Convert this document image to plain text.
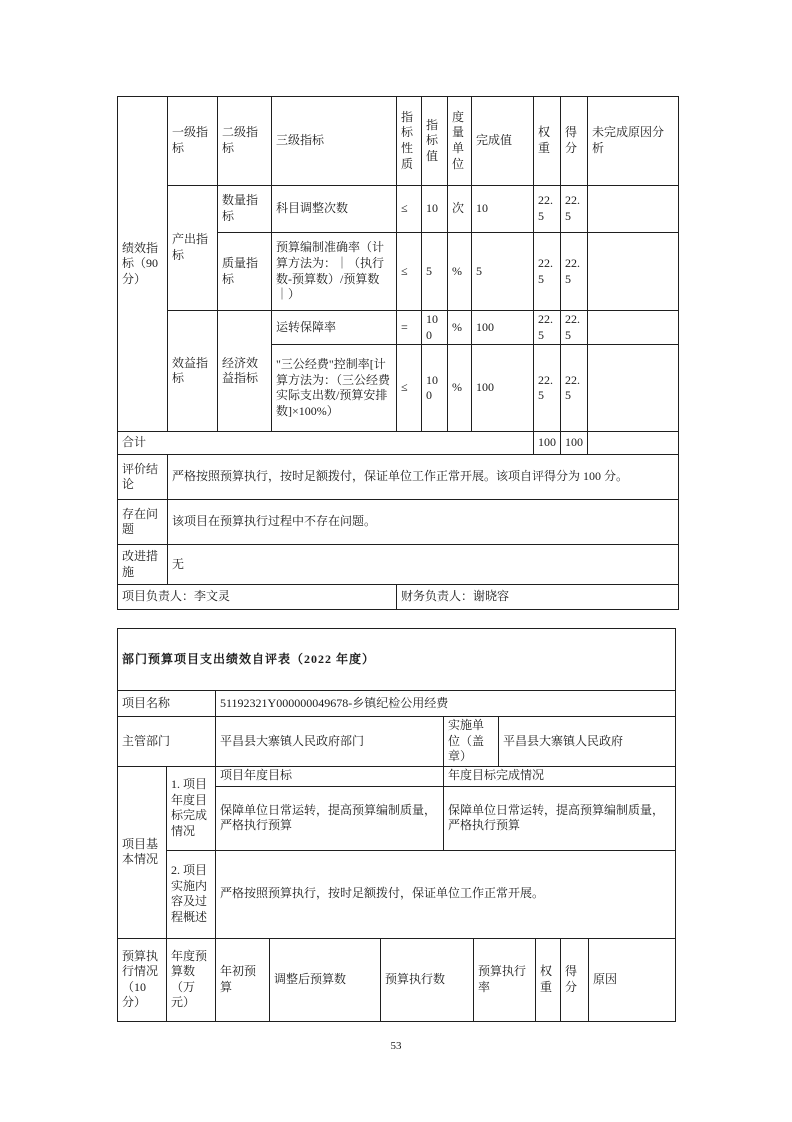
绩效指标（90分）	一级指标	二级指标	三级指标	指标性质	指标值	度量单位	完成值	权重	得分	未完成原因分析
	产出指标	数量指标	科目调整次数	≤	10	次	10	22.5	22.5	
		质量指标	预算编制准确率（计算方法为：｜（执行数-预算数）/预算数｜）	≤	5	%	5	22.5	22.5	
	效益指标	经济效益指标	运转保障率	=	100	%	100	22.5	22.5	
			"三公经费"控制率[计算方法为：（三公经费实际支出数/预算安排数]×100%）	≤	100	%	100	22.5	22.5	
合计								100	100	
评价结论	严格按照预算执行，按时足额拨付，保证单位工作正常开展。该项自评得分为 100 分。									
存在问题	该项目在预算执行过程中不存在问题。									
改进措施	无									
项目负责人：李文灵				财务负责人：谢晓容						
部门预算项目支出绩效自评表（2022 年度）										
项目名称		51192321Y000000049678-乡镇纪检公用经费								
主管部门		平昌县大寨镇人民政府部门			实施单位（盖章）		平昌县大寨镇人民政府			
项目基本情况	1. 项目年度目标完成情况	项目年度目标			年度目标完成情况					
		保障单位日常运转，提高预算编制质量，严格执行预算			保障单位日常运转，提高预算编制质量，严格执行预算					
	2. 项目实施内容及过程概述	严格按照预算执行，按时足额拨付，保证单位工作正常开展。								
预算执行情况（10分）	年度预算数（万元）	年初预算	调整后预算数	预算执行数		预算执行率		权重	得分	原因
53
